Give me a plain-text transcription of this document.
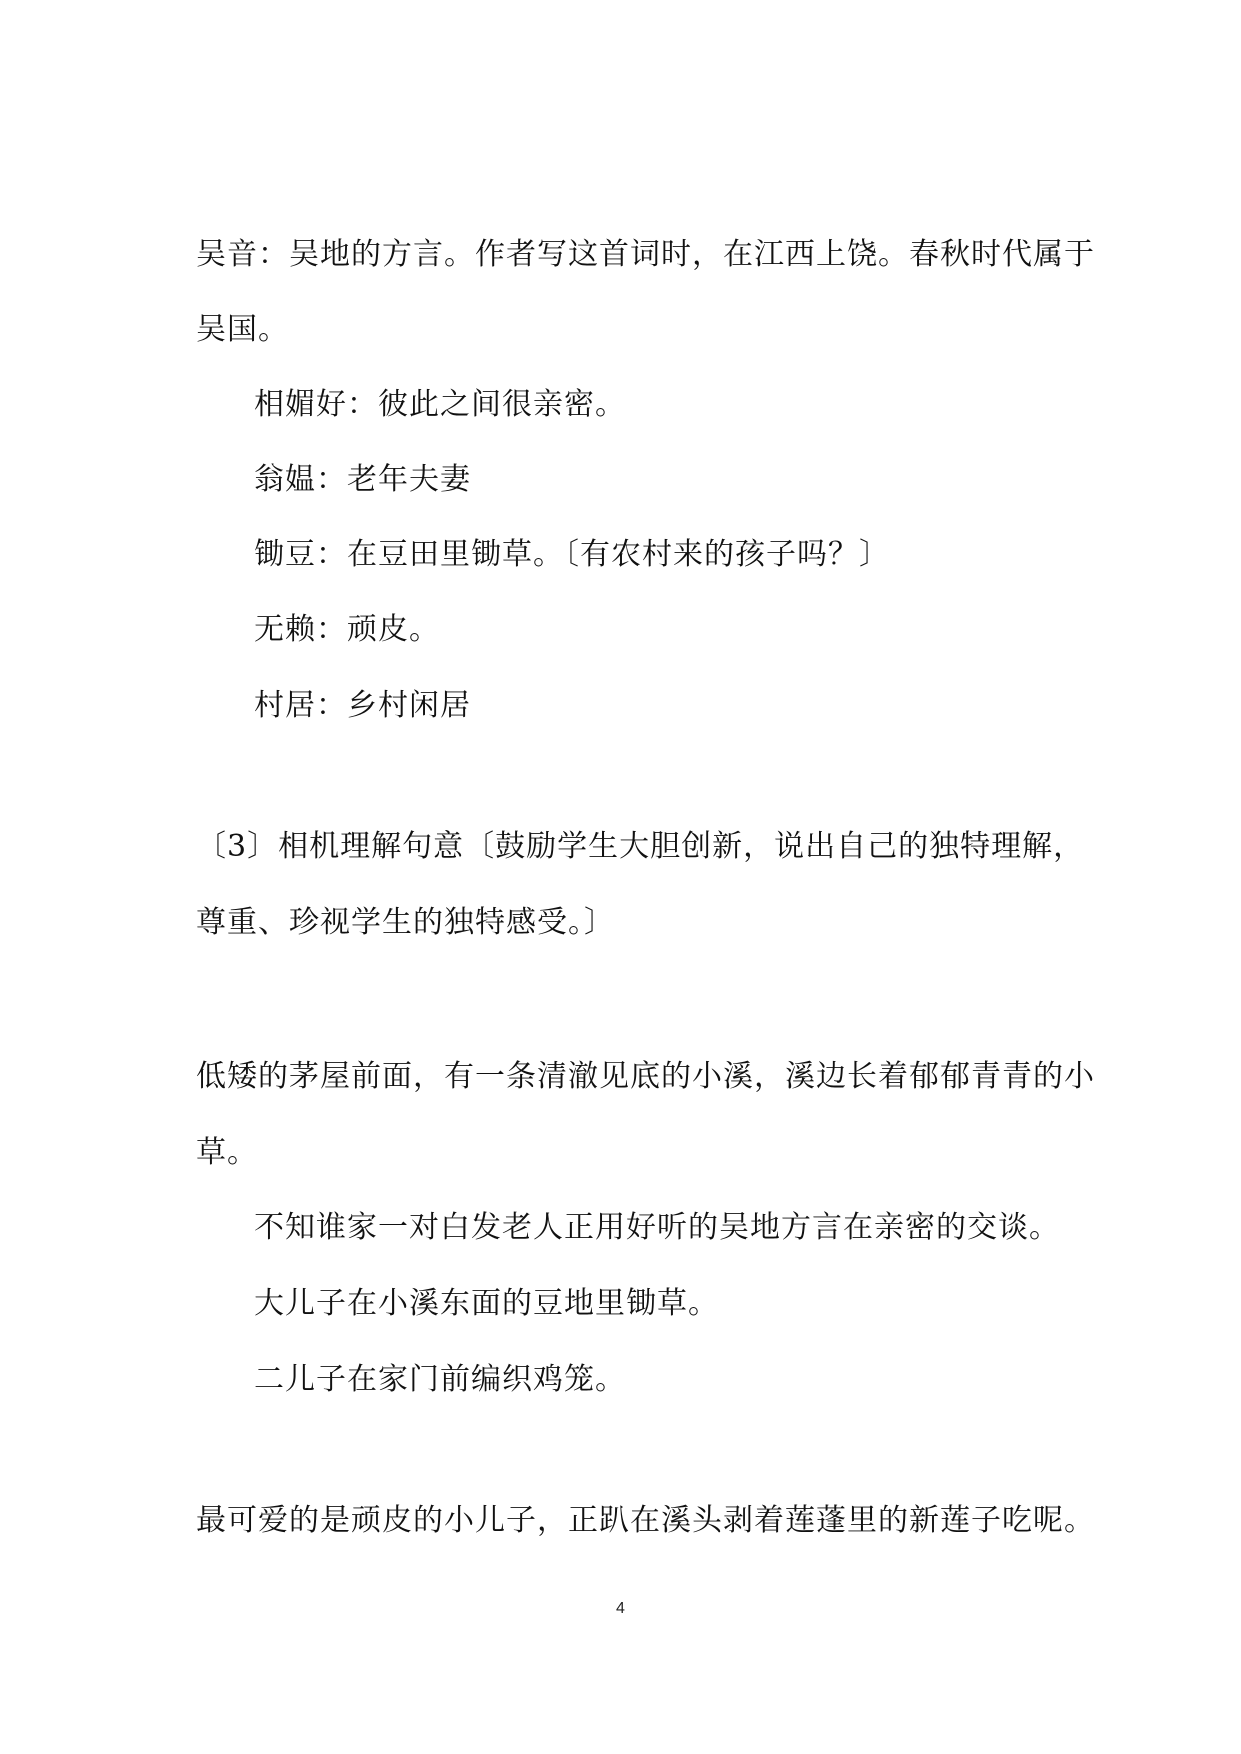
吴音：吴地的方言。作者写这首词时，在江西上饶。春秋时代属于
吴国。
相媚好：彼此之间很亲密。
翁媪：老年夫妻
锄豆：在豆田里锄草。〔有农村来的孩子吗？〕
无赖：顽皮。
村居：乡村闲居
〔3〕相机理解句意〔鼓励学生大胆创新，说出自己的独特理解，
尊重、珍视学生的独特感受。〕
低矮的茅屋前面，有一条清澈见底的小溪，溪边长着郁郁青青的小
草。
不知谁家一对白发老人正用好听的吴地方言在亲密的交谈。
大儿子在小溪东面的豆地里锄草。
二儿子在家门前编织鸡笼。
最可爱的是顽皮的小儿子，正趴在溪头剥着莲蓬里的新莲子吃呢。
4
